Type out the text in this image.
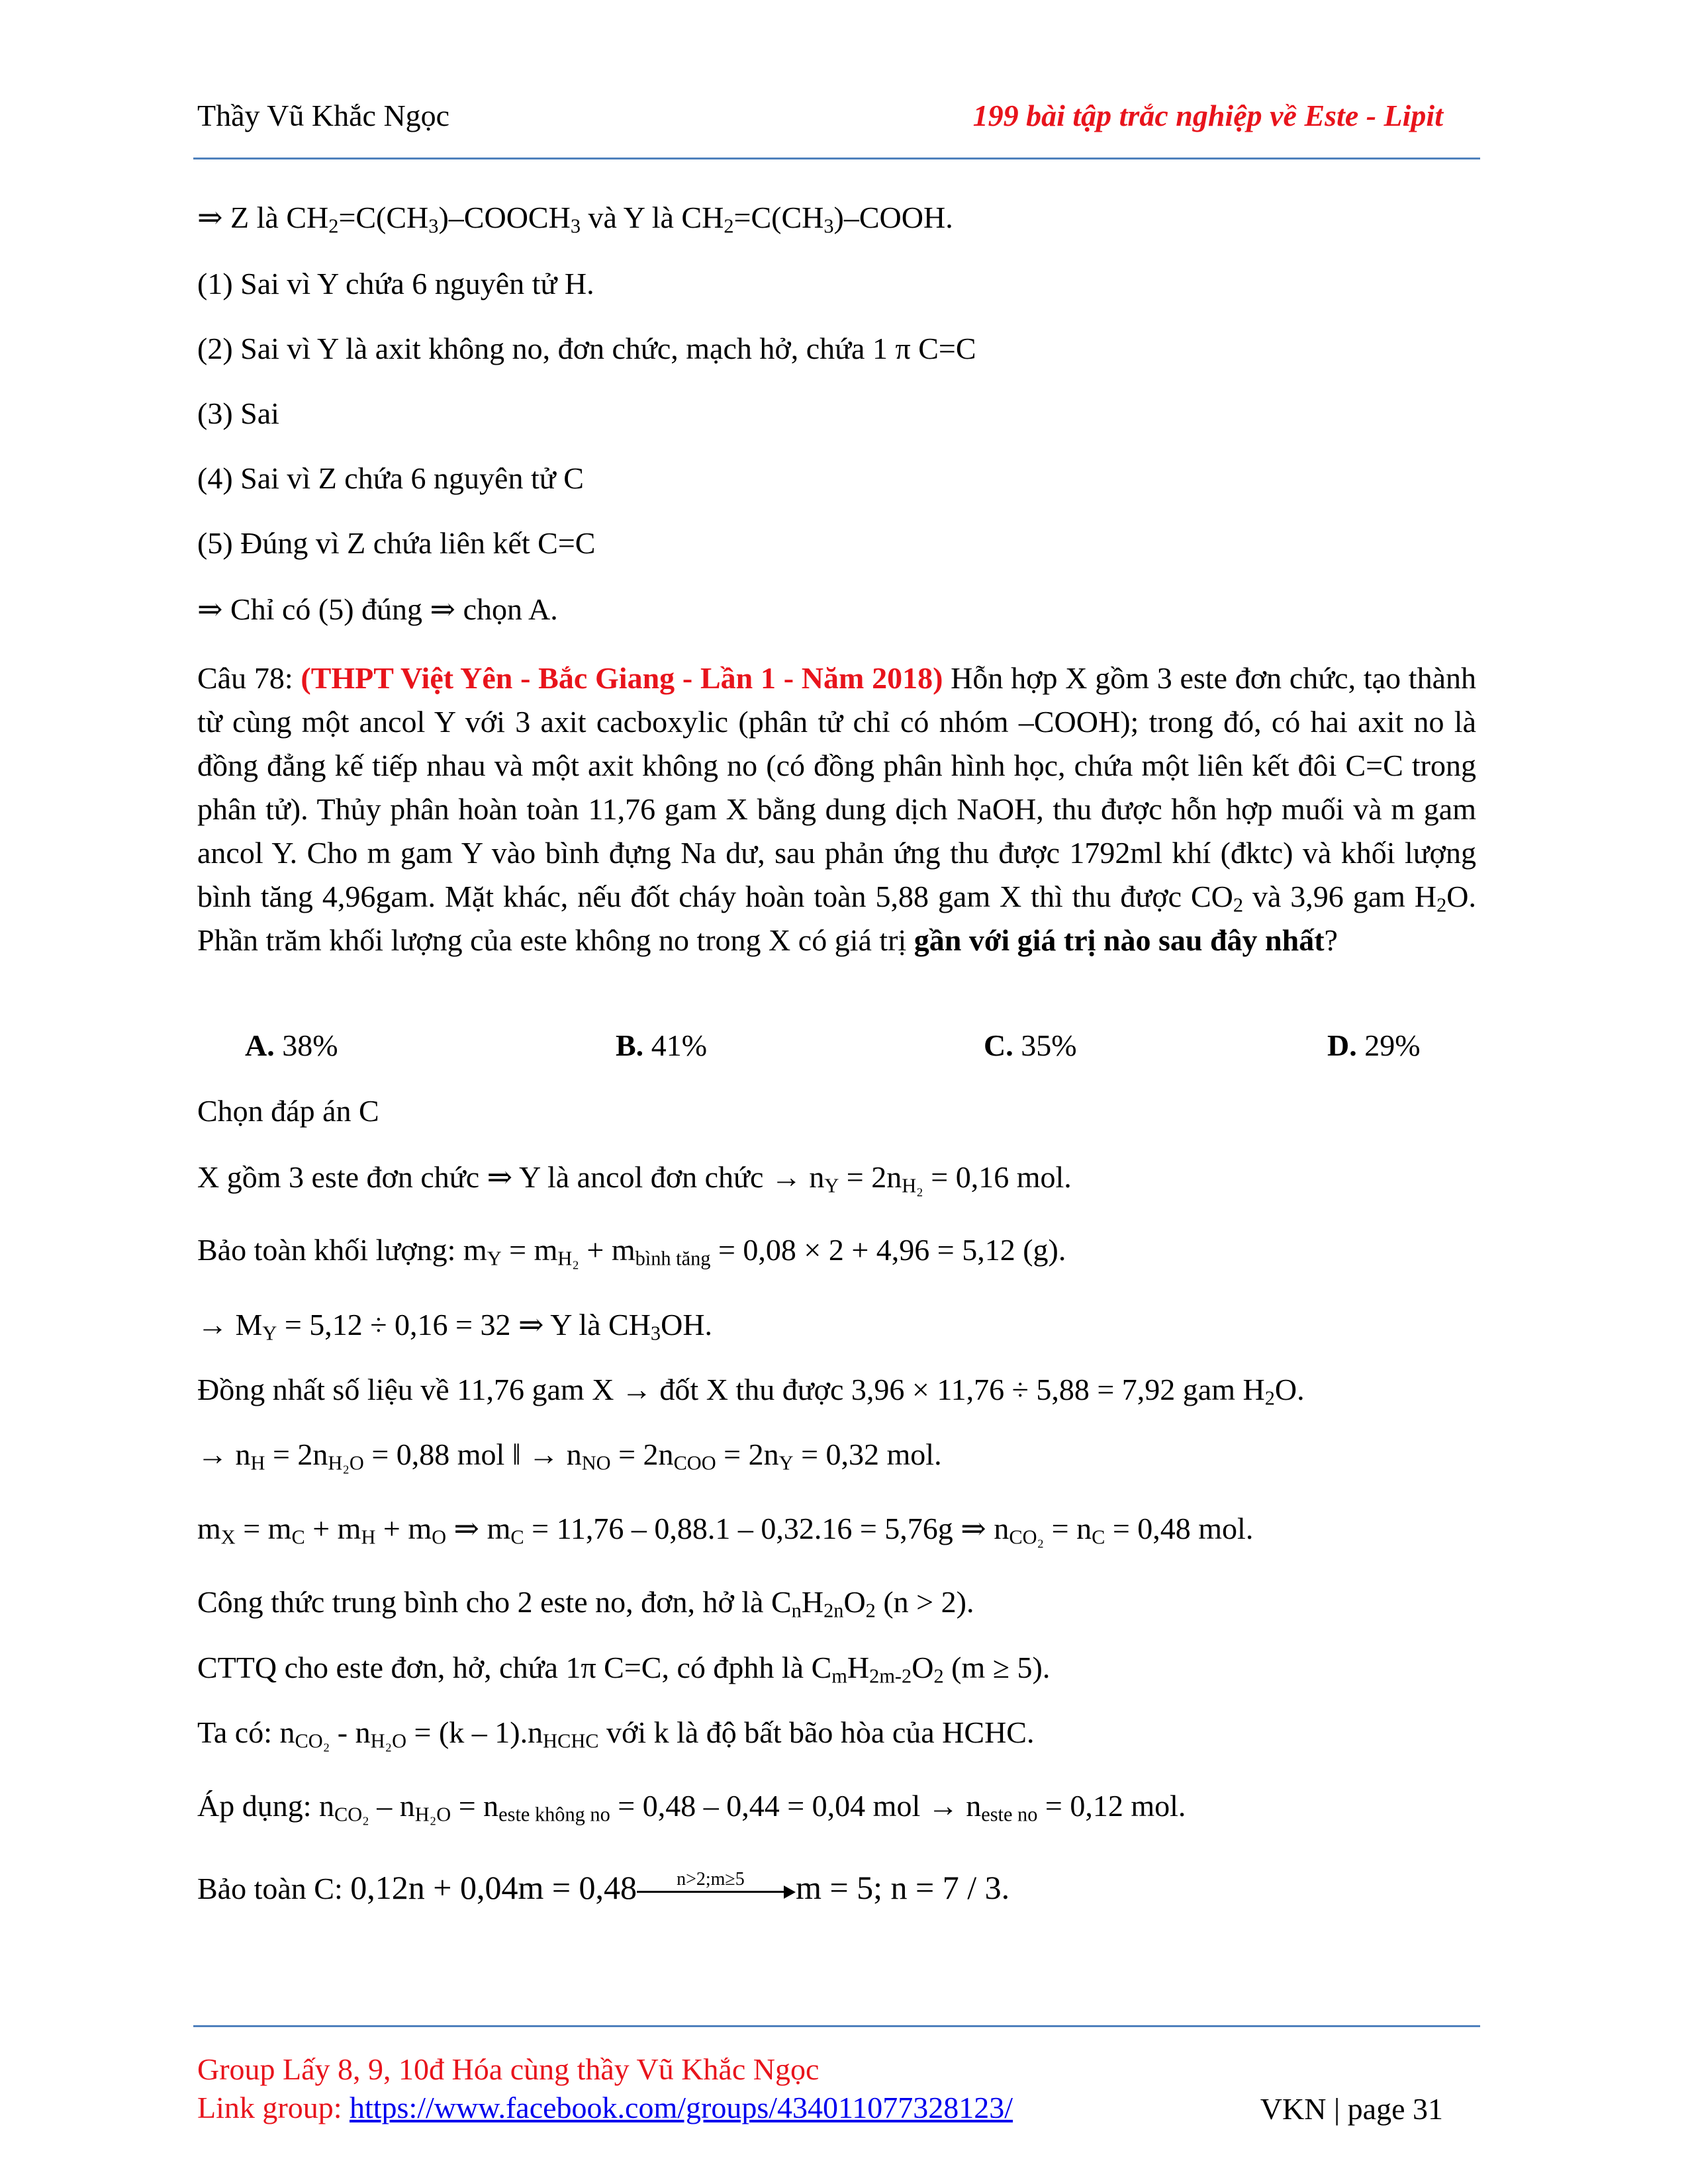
Thầy Vũ Khắc Ngọc	199 bài tập trắc nghiệp về Este - Lipit
⇒ Z là $CH_2=C(CH_3)-COOCH_3$ và Y là $CH_2=C(CH_3)$–COOH.
(1) Sai vì Y chứa 6 nguyên tử H.
(2) Sai vì Y là axit không no, đơn chức, mạch hở, chứa 1 π C=C
(3) Sai
(4) Sai vì Z chứa 6 nguyên tử C
(5) Đúng vì Z chứa liên kết C=C
⇒ Chỉ có (5) đúng ⇒ chọn A.
Câu 78: (THPT Việt Yên - Bắc Giang - Lần 1 - Năm 2018) Hỗn hợp X gồm 3 este đơn chức, tạo thành từ cùng một ancol Y với 3 axit cacboxylic (phân tử chỉ có nhóm –COOH); trong đó, có hai axit no là đồng đẳng kế tiếp nhau và một axit không no (có đồng phân hình học, chứa một liên kết đôi C=C trong phân tử). Thủy phân hoàn toàn 11,76 gam X bằng dung dịch NaOH, thu được hỗn hợp muối và m gam ancol Y. Cho m gam Y vào bình đựng Na dư, sau phản ứng thu được 1792ml khí (đktc) và khối lượng bình tăng 4,96gam. Mặt khác, nếu đốt cháy hoàn toàn 5,88 gam X thì thu được $CO_2$ và 3,96 gam $H_2O$. Phần trăm khối lượng của este không no trong X có giá trị gần với giá trị nào sau đây nhất?
A. 38%	B. 41%	C. 35%	D. 29%
Chọn đáp án C
X gồm 3 este đơn chức ⇒ Y là ancol đơn chức → $n_Y = 2n_{H_2} = 0,16$ mol.
Bảo toàn khối lượng: $m_Y = m_{H_2} + m_{bình tăng} = 0,08 \times 2 + 4,96 = 5,12$ (g).
→ $M_Y = 5,12 \div 0,16 = 32$ ⇒ Y là $CH_3OH$.
Đồng nhất số liệu về 11,76 gam X → đốt X thu được 3,96 × 11,76 ÷ 5,88 = 7,92 gam $H_2O$.
→ $n_H = 2n_{H_2O} = 0,88$ mol ‖ → $n_{NO} = 2n_{COO} = 2n_Y = 0,32$ mol.
$m_X = m_C + m_H + m_O$ ⇒ $m_C = 11,76 - 0,88.1 - 0,32.16 = 5,76g$ ⇒ $n_{CO_2} = n_C = 0,48$ mol.
Công thức trung bình cho 2 este no, đơn, hở là $C_nH_{2n}O_2$ (n > 2).
CTTQ cho este đơn, hở, chứa 1π C=C, có đphh là $C_mH_{2m-2}O_2$ (m ≥ 5).
Ta có: $n_{CO_2} - n_{H_2O} = (k - 1).n_{HCHC}$ với k là độ bất bão hòa của HCHC.
Áp dụng: $n_{CO_2} - n_{H_2O} = n_{este không no} = 0,48 - 0,44 = 0,04$ mol → $n_{este no} = 0,12$ mol.
Bảo toàn C: 0,12n + 0,04m = 0,48 n>2;m≥5 m = 5; n = 7 / 3.
Group Lấy 8, 9, 10đ Hóa cùng thầy Vũ Khắc Ngọc
Link group: https://www.facebook.com/groups/434011077328123/	VKN | page 31
